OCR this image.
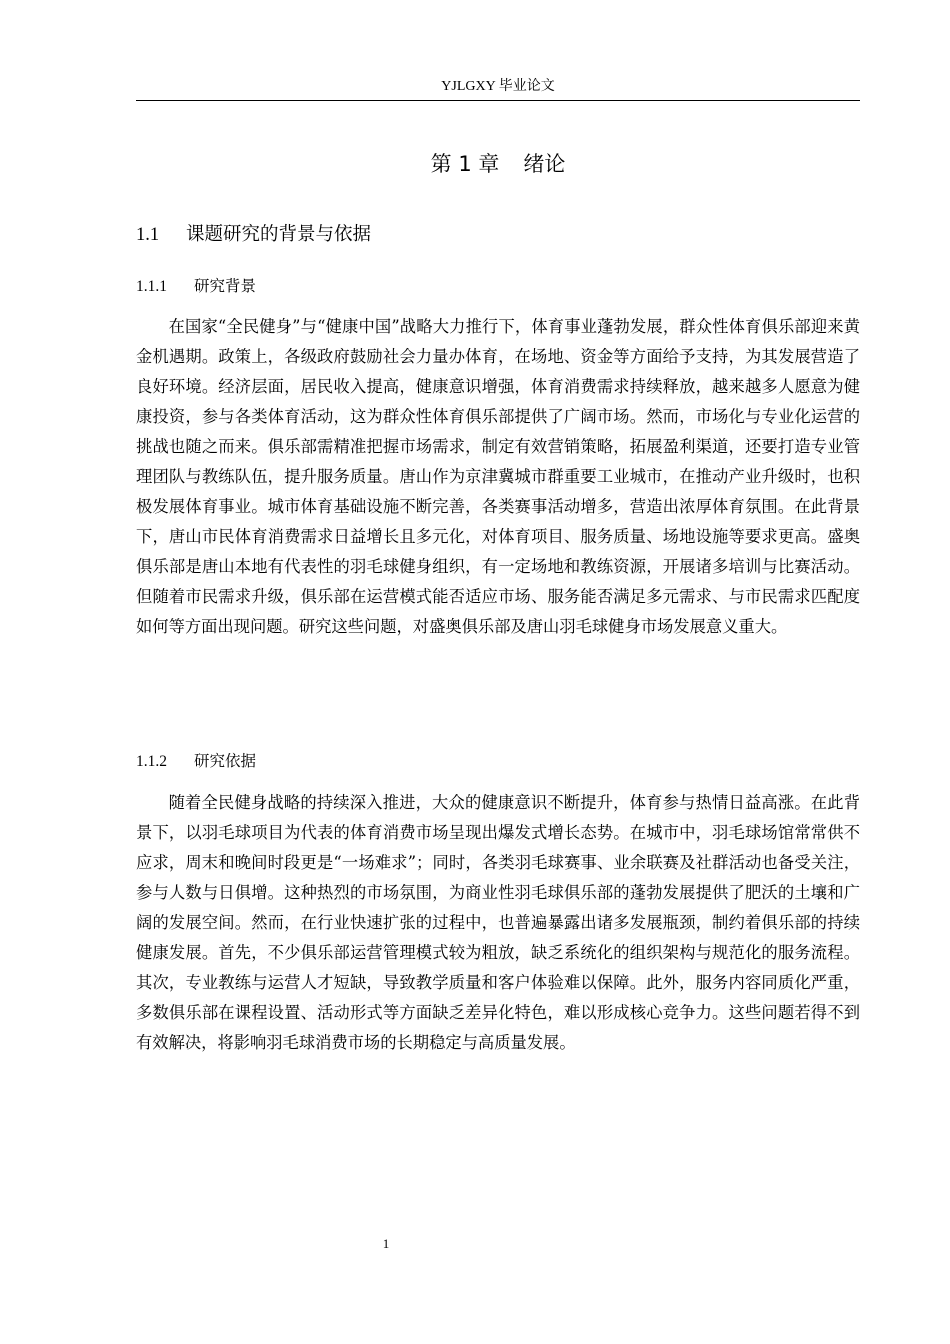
YJLGXY 毕业论文
第 1 章 绪论
1.1 课题研究的背景与依据
1.1.1 研究背景

在国家“全民健身”与“健康中国”战略大力推行下，体育事业蓬勃发展，群众性体育俱乐部迎来黄金机遇期。政策上，各级政府鼓励社会力量办体育，在场地、资金等方面给予支持，为其发展营造了良好环境。经济层面，居民收入提高，健康意识增强，体育消费需求持续释放，越来越多人愿意为健康投资，参与各类体育活动，这为群众性体育俱乐部提供了广阔市场。然而，市场化与专业化运营的挑战也随之而来。俱乐部需精准把握市场需求，制定有效营销策略，拓展盈利渠道，还要打造专业管理团队与教练队伍，提升服务质量。唐山作为京津冀城市群重要工业城市，在推动产业升级时，也积极发展体育事业。城市体育基础设施不断完善，各类赛事活动增多，营造出浓厚体育氛围。在此背景下，唐山市民体育消费需求日益增长且多元化，对体育项目、服务质量、场地设施等要求更高。盛奥俱乐部是唐山本地有代表性的羽毛球健身组织，有一定场地和教练资源，开展诸多培训与比赛活动。但随着市民需求升级，俱乐部在运营模式能否适应市场、服务能否满足多元需求、与市民需求匹配度如何等方面出现问题。研究这些问题，对盛奥俱乐部及唐山羽毛球健身市场发展意义重大。

1.1.2 研究依据

随着全民健身战略的持续深入推进，大众的健康意识不断提升，体育参与热情日益高涨。在此背景下，以羽毛球项目为代表的体育消费市场呈现出爆发式增长态势。在城市中，羽毛球场馆常常供不应求，周末和晚间时段更是“一场难求”；同时，各类羽毛球赛事、业余联赛及社群活动也备受关注，参与人数与日俱增。这种热烈的市场氛围，为商业性羽毛球俱乐部的蓬勃发展提供了肥沃的土壤和广阔的发展空间。然而，在行业快速扩张的过程中，也普遍暴露出诸多发展瓶颈，制约着俱乐部的持续健康发展。首先，不少俱乐部运营管理模式较为粗放，缺乏系统化的组织架构与规范化的服务流程。其次，专业教练与运营人才短缺，导致教学质量和客户体验难以保障。此外，服务内容同质化严重，多数俱乐部在课程设置、活动形式等方面缺乏差异化特色，难以形成核心竞争力。这些问题若得不到有效解决，将影响羽毛球消费市场的长期稳定与高质量发展。

1
